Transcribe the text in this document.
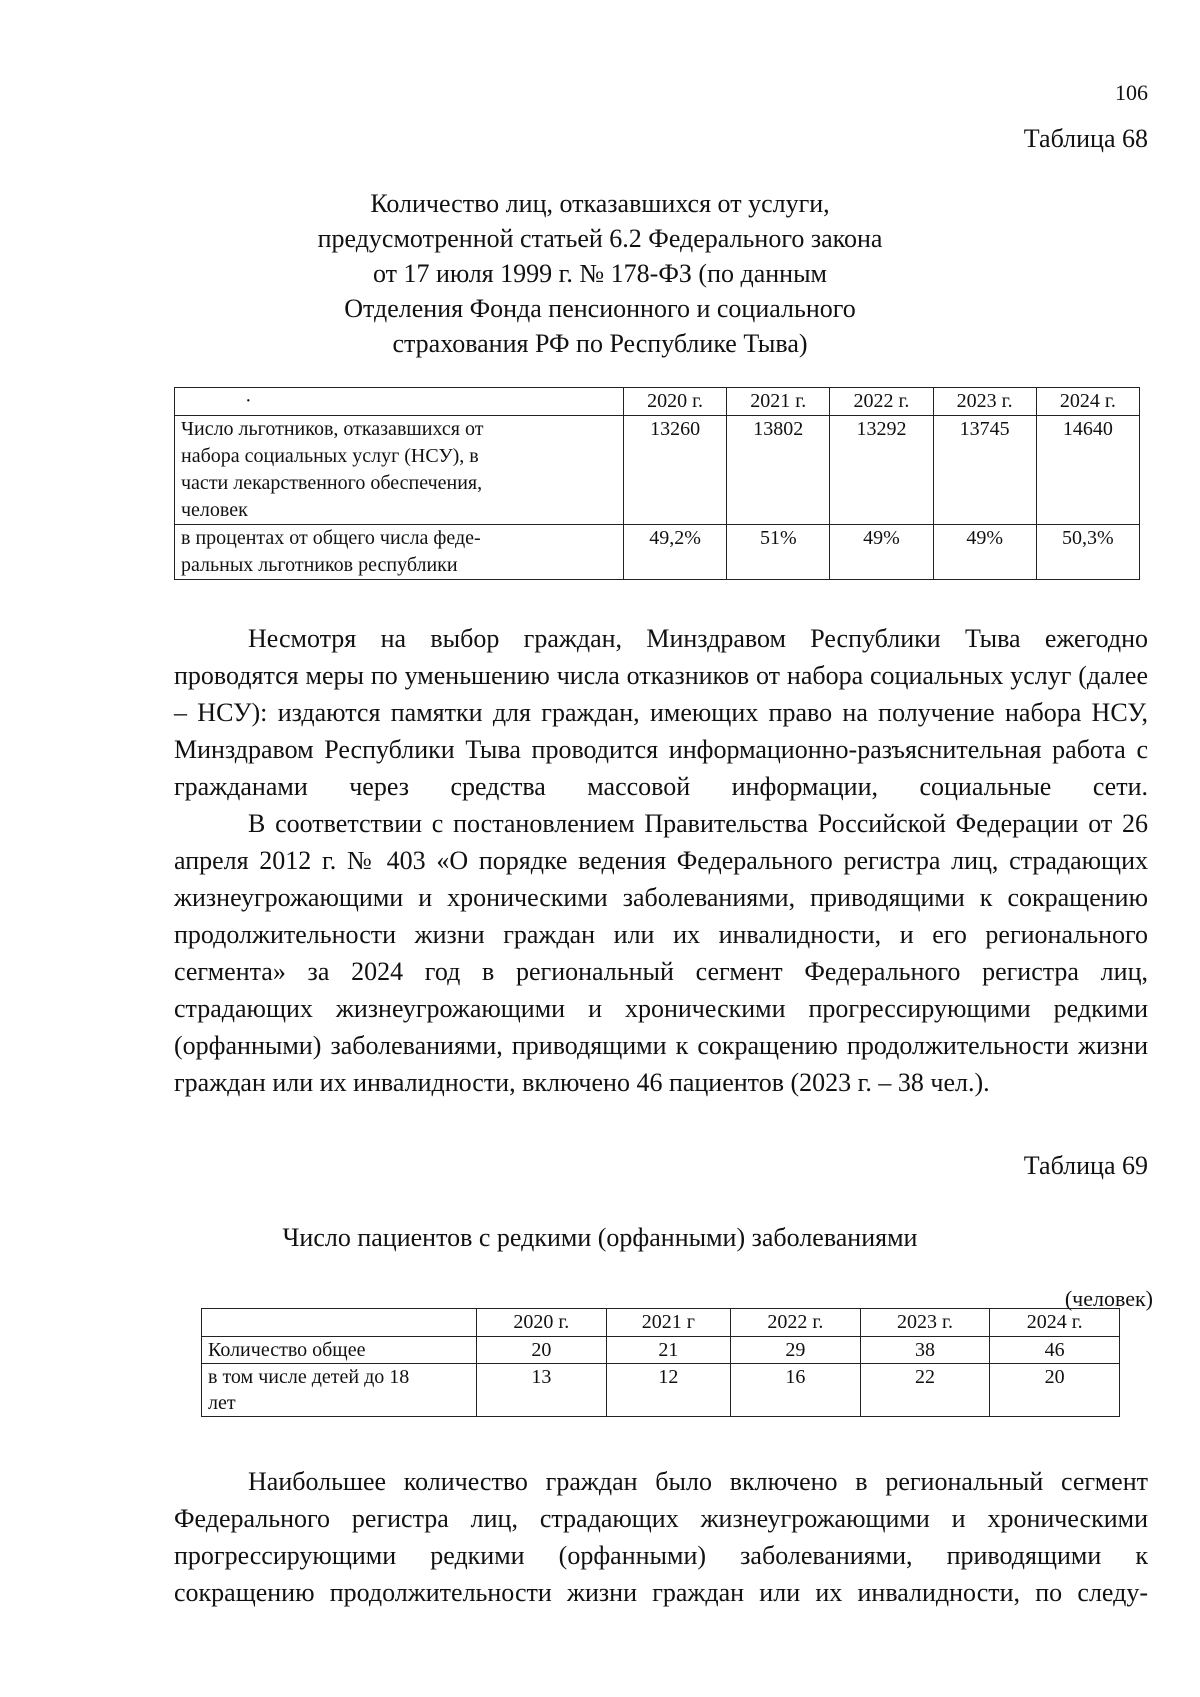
106
Таблица 68
Количество лиц, отказавшихся от услуги,
предусмотренной статьей 6.2 Федерального закона
от 17 июля 1999 г. № 178-ФЗ (по данным
Отделения Фонда пенсионного и социального
страхования РФ по Республике Тыва)
·	2020 г.	2021 г.	2022 г.	2023 г.	2024 г.

Число льготников, отказавшихся от
набора социальных услуг (НСУ), в
части лекарственного обеспечения,
человек	13260	13802	13292	13745	14640

в процентах от общего числа феде-
ральных льготников республики	49,2%	51%	49%	49%	50,3%

Несмотря на выбор граждан, Минздравом Республики Тыва ежегодно проводятся меры по уменьшению числа отказников от набора социальных услуг (далее – НСУ): издаются памятки для граждан, имеющих право на получение набора НСУ, Минздравом Республики Тыва проводится информационно-разъяснительная работа с гражданами через средства массовой информации, социальные сети.

В соответствии с постановлением Правительства Российской Федерации от 26 апреля 2012 г. № 403 «О порядке ведения Федерального регистра лиц, страдающих жизнеугрожающими и хроническими заболеваниями, приводящими к сокращению продолжительности жизни граждан или их инвалидности, и его регионального сегмента» за 2024 год в региональный сегмент Федерального регистра лиц, страдающих жизнеугрожающими и хроническими прогрессирующими редкими (орфанными) заболеваниями, приводящими к сокращению продолжительности жизни граждан или их инвалидности, включено 46 пациентов (2023 г. – 38 чел.).

Таблица 69
Число пациентов с редкими (орфанными) заболеваниями
(человек)
	2020 г.	2021 г	2022 г.	2023 г.	2024 г.

Количество общее	20	21	29	38	46

в том числе детей до 18
лет	13	12	16	22	20

Наибольшее количество граждан было включено в региональный сегмент Федерального регистра лиц, страдающих жизнеугрожающими и хроническими прогрессирующими редкими (орфанными) заболеваниями, приводящими к сокращению продолжительности жизни граждан или их инвалидности, по следу-
